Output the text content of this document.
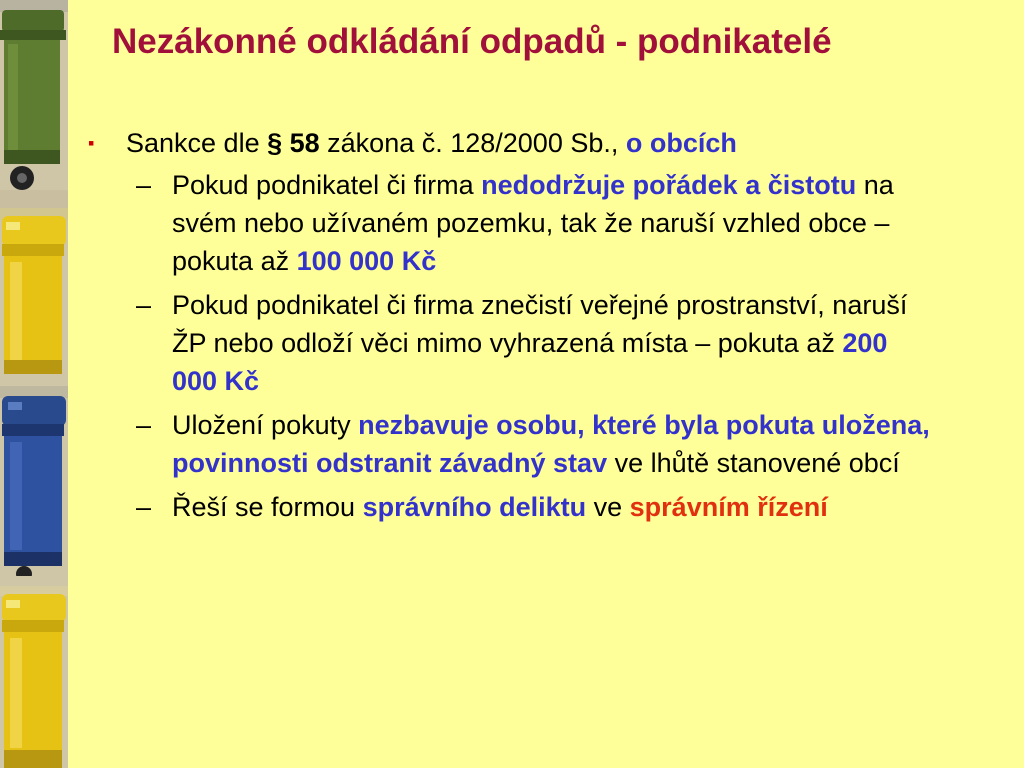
Nezákonné odkládání odpadů - podnikatelé
▪ Sankce dle § 58 zákona č. 128/2000 Sb., o obcích
– Pokud podnikatel či firma nedodržuje pořádek a čistotu na svém nebo užívaném pozemku, tak že naruší vzhled obce – pokuta až 100 000 Kč
– Pokud podnikatel či firma znečistí veřejné prostranství, naruší ŽP nebo odloží věci mimo vyhrazená místa – pokuta až 200 000 Kč
– Uložení pokuty nezbavuje osobu, které byla pokuta uložena, povinnosti odstranit závadný stav ve lhůtě stanovené obcí
– Řeší se formou správního deliktu ve správním řízení
